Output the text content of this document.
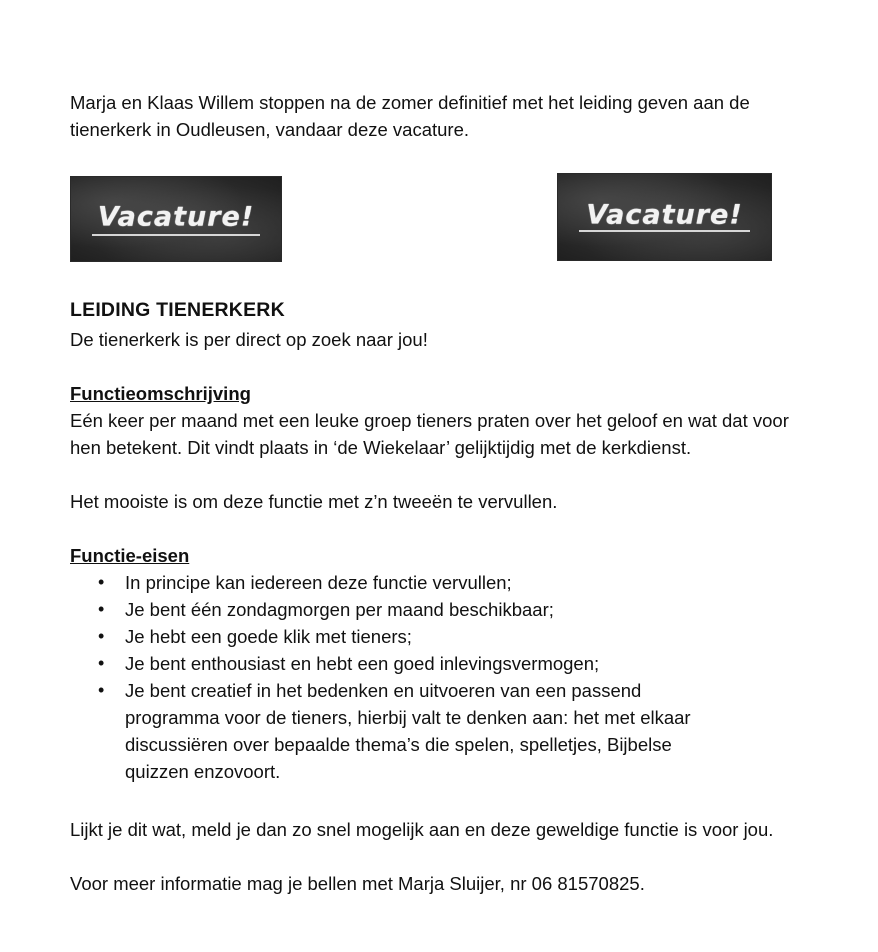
Marja en Klaas Willem stoppen na de zomer definitief met het leiding geven aan de tienerkerk in Oudleusen, vandaar deze vacature.

Vacature!	Vacature!
LEIDING TIENERKERK

De tienerkerk is per direct op zoek naar jou!

Functieomschrijving

Eén keer per maand met een leuke groep tieners praten over het geloof en wat dat voor hen betekent. Dit vindt plaats in ‘de Wiekelaar’ gelijktijdig met de kerkdienst.

Het mooiste is om deze functie met z’n tweeën te vervullen.

Functie-eisen

• In principe kan iedereen deze functie vervullen;
• Je bent één zondagmorgen per maand beschikbaar;
• Je hebt een goede klik met tieners;
• Je bent enthousiast en hebt een goed inlevingsvermogen;
• Je bent creatief in het bedenken en uitvoeren van een passend programma voor de tieners, hierbij valt te denken aan: het met elkaar discussiëren over bepaalde thema’s die spelen, spelletjes, Bijbelse quizzen enzovoort.

Lijkt je dit wat, meld je dan zo snel mogelijk aan en deze geweldige functie is voor jou.

Voor meer informatie mag je bellen met Marja Sluijer, nr 06 81570825.
